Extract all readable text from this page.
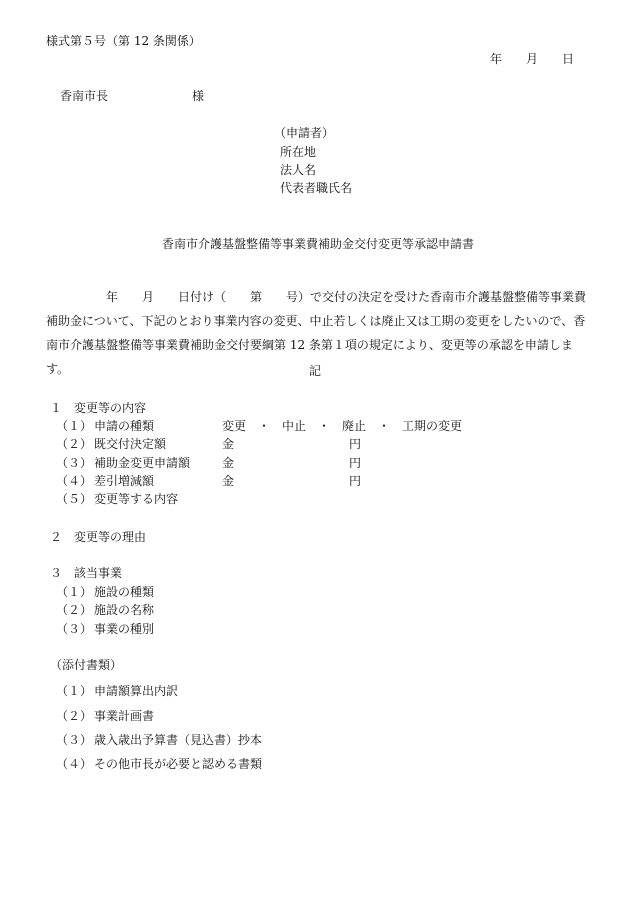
様式第５号（第 12 条関係）
年　　月　　日
香南市長　　　　　　　様
（申請者）
所在地
法人名
代表者職氏名
香南市介護基盤整備等事業費補助金交付変更等承認申請書
　　　　　年　　月　　日付け（　　第　　号）で交付の決定を受けた香南市介護基盤整備等事業費補助金について、下記のとおり事業内容の変更、中止若しくは廃止又は工期の変更をしたいので、香南市介護基盤整備等事業費補助金交付要綱第 12 条第１項の規定により、変更等の承認を申請します。	記
１　変更等の内容
（１） 申請の種類	変更　・　中止　・　廃止　・　工期の変更
（２） 既交付決定額	金	円
（３） 補助金変更申請額	金	円
（４） 差引増減額	金	円
（５） 変更等する内容
２　変更等の理由
３　該当事業
（１） 施設の種類
（２） 施設の名称
（３） 事業の種別
（添付書類）
（１） 申請額算出内訳
（２） 事業計画書
（３） 歳入歳出予算書（見込書）抄本
（４） その他市長が必要と認める書類
